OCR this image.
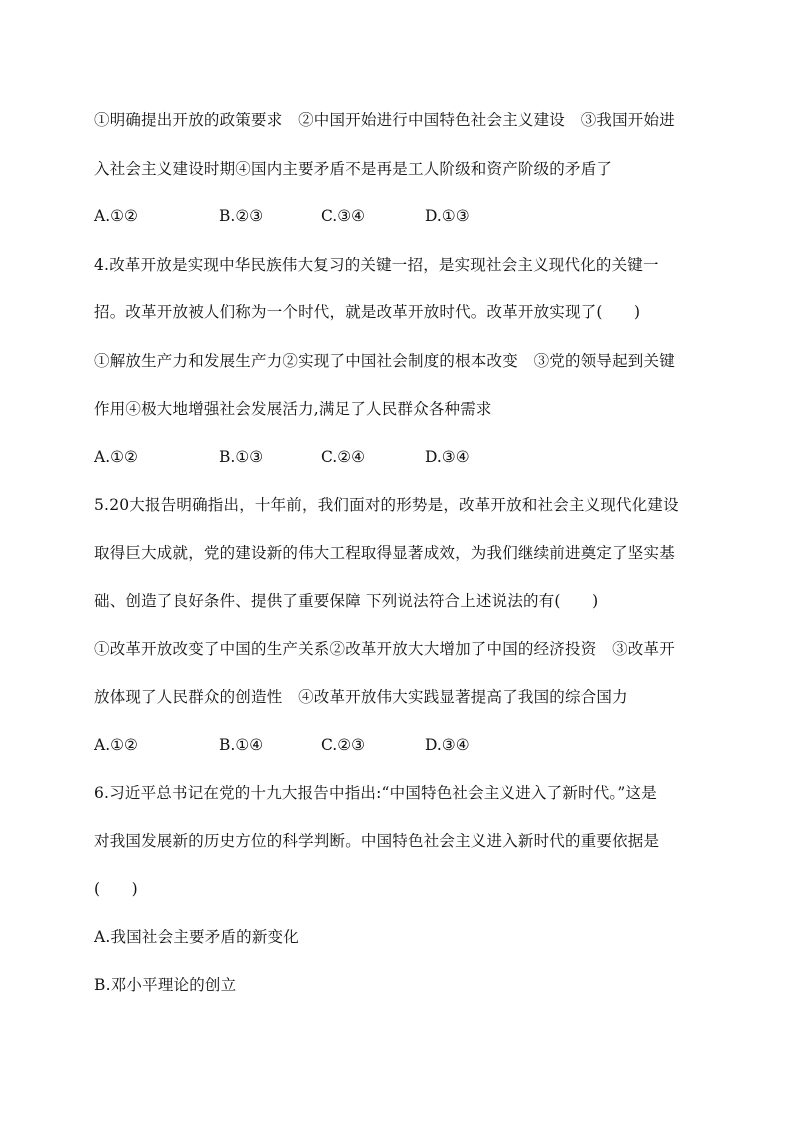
①明确提出开放的政策要求　②中国开始进行中国特色社会主义建设　③我国开始进
入社会主义建设时期④国内主要矛盾不是再是工人阶级和资产阶级的矛盾了
A.①②	B.②③	C.③④	D.①③
4.改革开放是实现中华民族伟大复习的关键一招，是实现社会主义现代化的关键一
招。改革开放被人们称为一个时代，就是改革开放时代。改革开放实现了(　　)
①解放生产力和发展生产力②实现了中国社会制度的根本改变　③党的领导起到关键
作用④极大地增强社会发展活力,满足了人民群众各种需求
A.①②	B.①③	C.②④	D.③④
5.20大报告明确指出，十年前，我们面对的形势是，改革开放和社会主义现代化建设
取得巨大成就，党的建设新的伟大工程取得显著成效，为我们继续前进奠定了坚实基
础、创造了良好条件、提供了重要保障 下列说法符合上述说法的有(　　)
①改革开放改变了中国的生产关系②改革开放大大增加了中国的经济投资　③改革开
放体现了人民群众的创造性　④改革开放伟大实践显著提高了我国的综合国力
A.①②	B.①④	C.②③	D.③④
6.习近平总书记在党的十九大报告中指出:“中国特色社会主义进入了新时代。”这是
对我国发展新的历史方位的科学判断。中国特色社会主义进入新时代的重要依据是
(　　)
A.我国社会主要矛盾的新变化
B.邓小平理论的创立
